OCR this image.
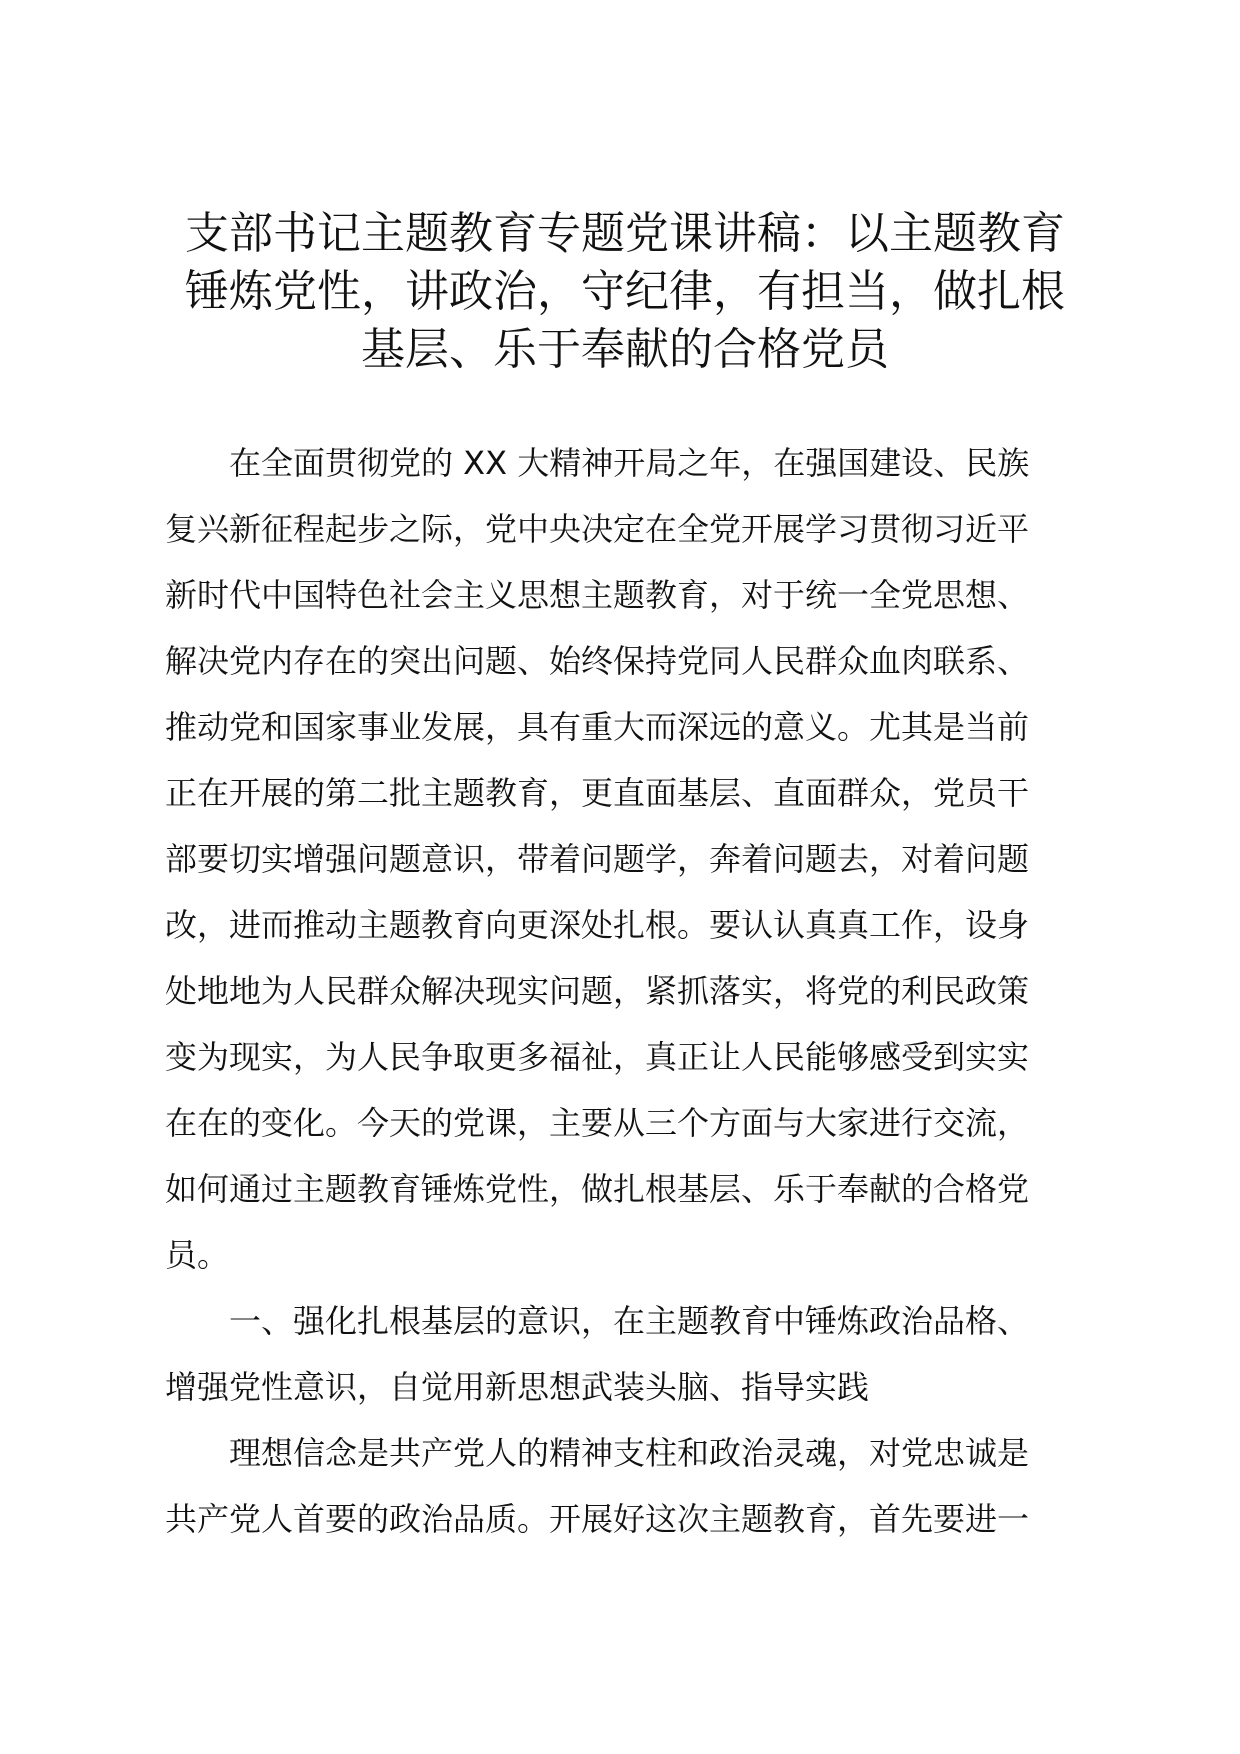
支部书记主题教育专题党课讲稿：以主题教育
锤炼党性，讲政治，守纪律，有担当，做扎根
基层、乐于奉献的合格党员

在全面贯彻党的 XX 大精神开局之年，在强国建设、民族
复兴新征程起步之际，党中央决定在全党开展学习贯彻习近平
新时代中国特色社会主义思想主题教育，对于统一全党思想、
解决党内存在的突出问题、始终保持党同人民群众血肉联系、
推动党和国家事业发展，具有重大而深远的意义。尤其是当前
正在开展的第二批主题教育，更直面基层、直面群众，党员干
部要切实增强问题意识，带着问题学，奔着问题去，对着问题
改，进而推动主题教育向更深处扎根。要认认真真工作，设身
处地地为人民群众解决现实问题，紧抓落实，将党的利民政策
变为现实，为人民争取更多福祉，真正让人民能够感受到实实
在在的变化。今天的党课，主要从三个方面与大家进行交流，
如何通过主题教育锤炼党性，做扎根基层、乐于奉献的合格党
员。

一、强化扎根基层的意识，在主题教育中锤炼政治品格、
增强党性意识，自觉用新思想武装头脑、指导实践

理想信念是共产党人的精神支柱和政治灵魂，对党忠诚是
共产党人首要的政治品质。开展好这次主题教育，首先要进一
